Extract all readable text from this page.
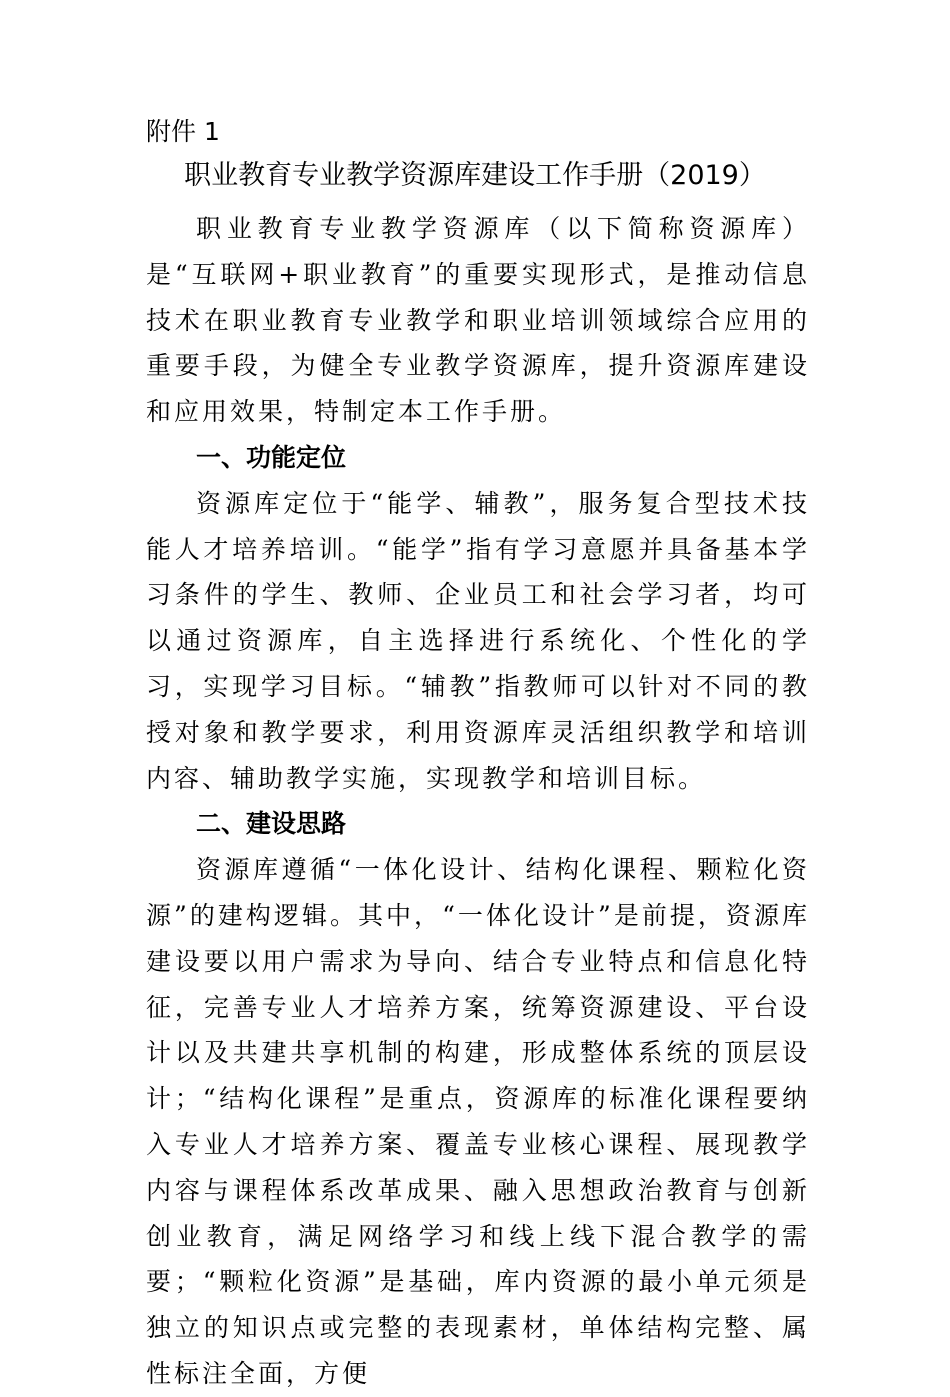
附件 1

职业教育专业教学资源库建设工作手册（2019）

职业教育专业教学资源库（以下简称资源库）是“互联网+职业教育”的重要实现形式，是推动信息技术在职业教育专业教学和职业培训领域综合应用的重要手段，为健全专业教学资源库，提升资源库建设和应用效果，特制定本工作手册。

一、功能定位

资源库定位于“能学、辅教”，服务复合型技术技能人才培养培训。“能学”指有学习意愿并具备基本学习条件的学生、教师、企业员工和社会学习者，均可以通过资源库，自主选择进行系统化、个性化的学习，实现学习目标。“辅教”指教师可以针对不同的教授对象和教学要求，利用资源库灵活组织教学和培训内容、辅助教学实施，实现教学和培训目标。

二、建设思路

资源库遵循“一体化设计、结构化课程、颗粒化资源”的建构逻辑。其中，“一体化设计”是前提，资源库建设要以用户需求为导向、结合专业特点和信息化特征，完善专业人才培养方案，统筹资源建设、平台设计以及共建共享机制的构建，形成整体系统的顶层设计；“结构化课程”是重点，资源库的标准化课程要纳入专业人才培养方案、覆盖专业核心课程、展现教学内容与课程体系改革成果、融入思想政治教育与创新创业教育，满足网络学习和线上线下混合教学的需要；“颗粒化资源”是基础，库内资源的最小单元须是独立的知识点或完整的表现素材，单体结构完整、属性标注全面，方便
